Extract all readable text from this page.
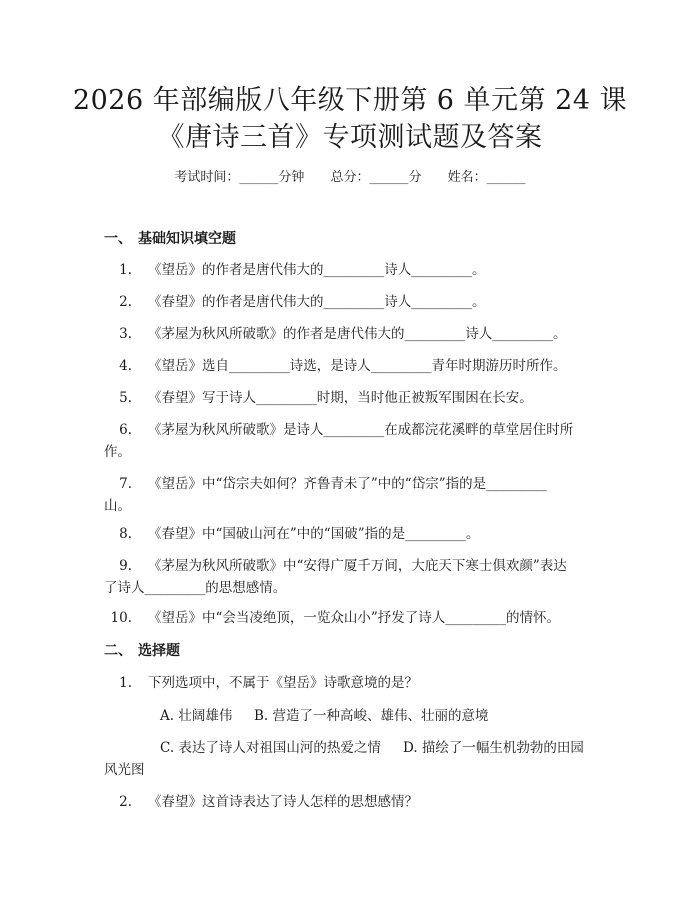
2026 年部编版八年级下册第 6 单元第 24 课
《唐诗三首》专项测试题及答案
考试时间：______分钟 总分：______分 姓名：______
一、 基础知识填空题
1. 《望岳》的作者是唐代伟大的_________诗人_________。
2. 《春望》的作者是唐代伟大的_________诗人_________。
3. 《茅屋为秋风所破歌》的作者是唐代伟大的_________诗人_________。
4. 《望岳》选自_________诗选，是诗人_________青年时期游历时所作。
5. 《春望》写于诗人_________时期，当时他正被叛军围困在长安。
6. 《茅屋为秋风所破歌》是诗人_________在成都浣花溪畔的草堂居住时所
作。
7. 《望岳》中“岱宗夫如何？齐鲁青未了”中的“岱宗”指的是_________
山。
8. 《春望》中“国破山河在”中的“国破”指的是_________。
9. 《茅屋为秋风所破歌》中“安得广厦千万间，大庇天下寒士俱欢颜”表达
了诗人_________的思想感情。
10. 《望岳》中“会当凌绝顶，一览众山小”抒发了诗人_________的情怀。
二、 选择题
1. 下列选项中，不属于《望岳》诗歌意境的是？
A. 壮阔雄伟 B. 营造了一种高峻、雄伟、壮丽的意境
C. 表达了诗人对祖国山河的热爱之情 D. 描绘了一幅生机勃勃的田园
风光图
2. 《春望》这首诗表达了诗人怎样的思想感情？
